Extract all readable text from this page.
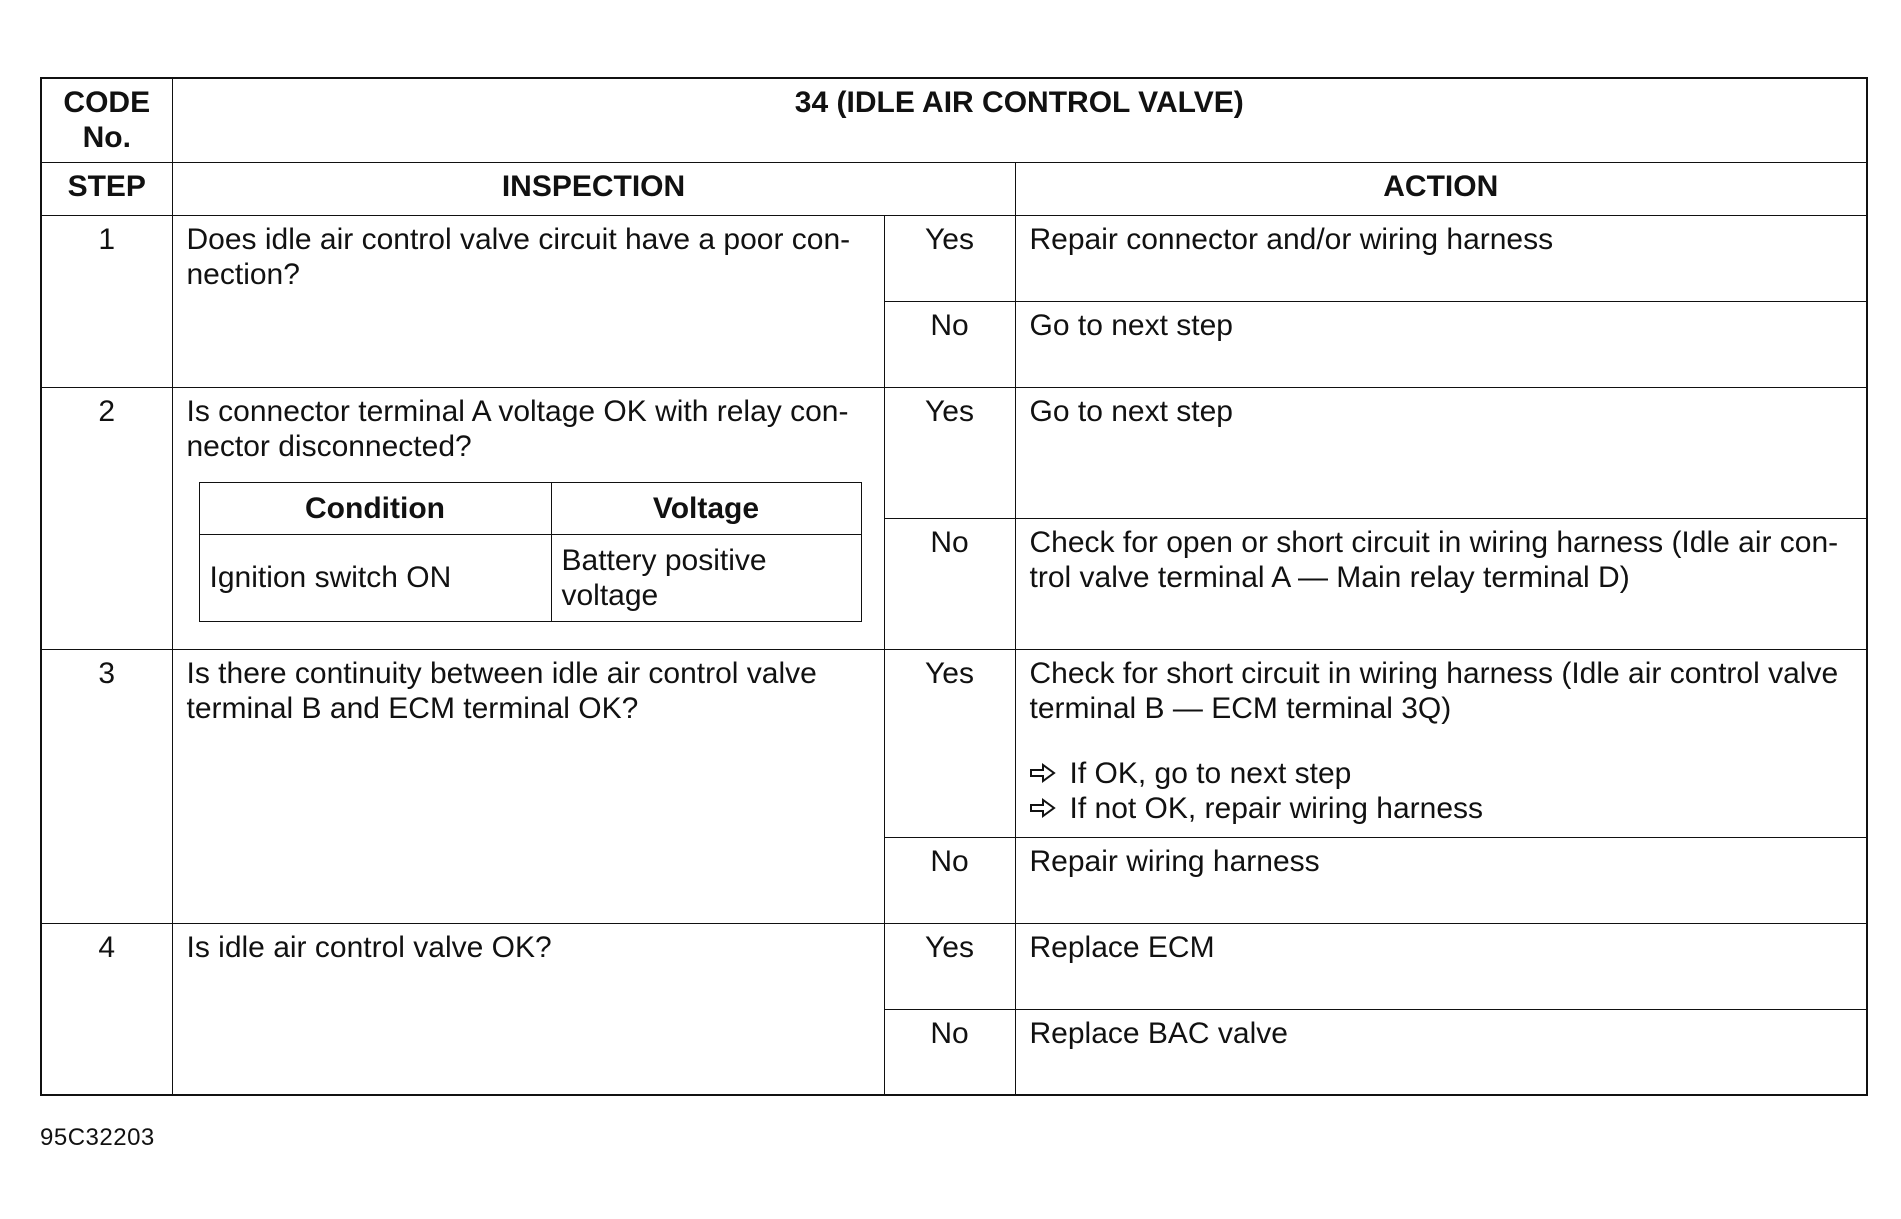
CODE No.	34 (IDLE AIR CONTROL VALVE)
STEP	INSPECTION	ACTION
1	Does idle air control valve circuit have a poor con-nection?	Yes	Repair connector and/or wiring harness
No	Go to next step
2	Is connector terminal A voltage OK with relay con-nector disconnected?
Condition	Voltage
Ignition switch ON	Battery positive voltage
	Yes	Go to next step
No	Check for open or short circuit in wiring harness (Idle air con-trol valve terminal A — Main relay terminal D)
3	Is there continuity between idle air control valve terminal B and ECM terminal OK?	Yes	Check for short circuit in wiring harness (Idle air control valve terminal B — ECM terminal 3Q)
If OK, go to next step
If not OK, repair wiring harness

No	Repair wiring harness
4	Is idle air control valve OK?	Yes	Replace ECM
No	Replace BAC valve
95C32203
